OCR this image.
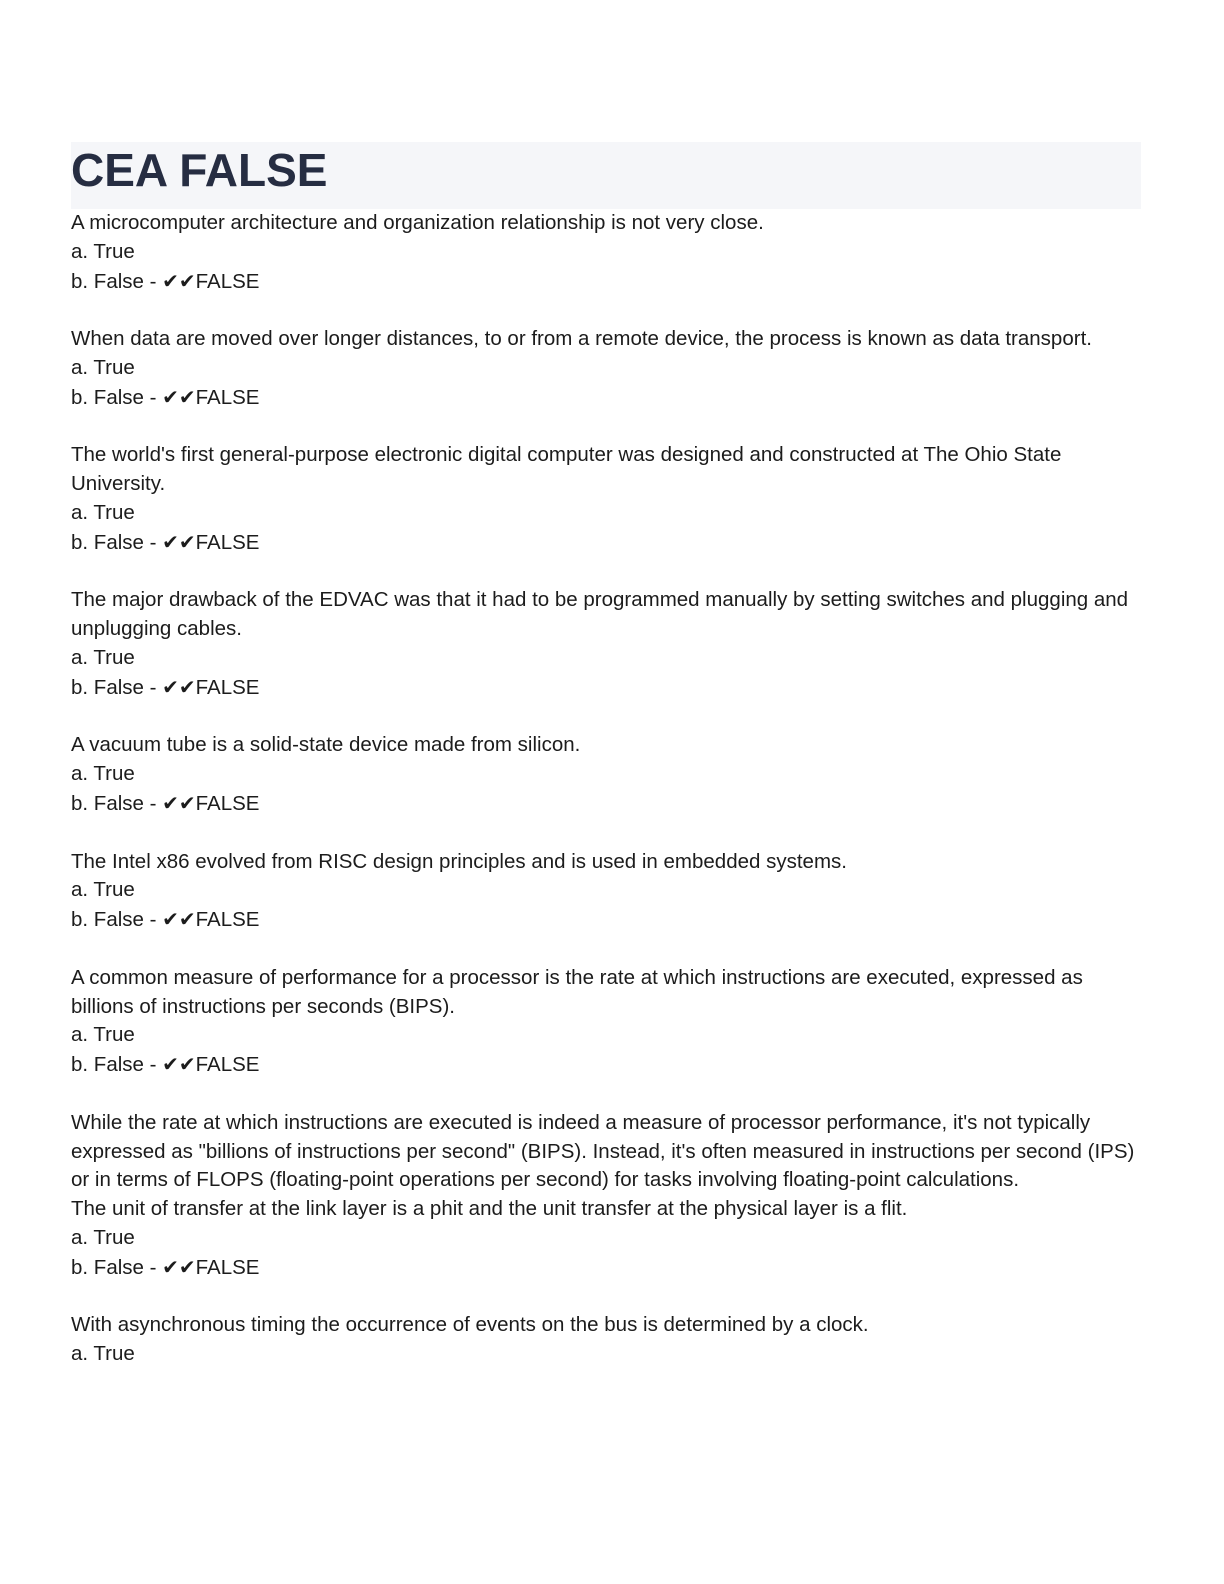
CEA FALSE
A microcomputer architecture and organization relationship is not very close.
a. True
b. False - ✔✔FALSE
When data are moved over longer distances, to or from a remote device, the process is known as data transport.
a. True
b. False - ✔✔FALSE
The world's first general-purpose electronic digital computer was designed and constructed at The Ohio State University.
a. True
b. False - ✔✔FALSE
The major drawback of the EDVAC was that it had to be programmed manually by setting switches and plugging and unplugging cables.
a. True
b. False - ✔✔FALSE
A vacuum tube is a solid-state device made from silicon.
a. True
b. False - ✔✔FALSE
The Intel x86 evolved from RISC design principles and is used in embedded systems.
a. True
b. False - ✔✔FALSE
A common measure of performance for a processor is the rate at which instructions are executed, expressed as billions of instructions per seconds (BIPS).
a. True
b. False - ✔✔FALSE
While the rate at which instructions are executed is indeed a measure of processor performance, it's not typically expressed as "billions of instructions per second" (BIPS). Instead, it's often measured in instructions per second (IPS) or in terms of FLOPS (floating-point operations per second) for tasks involving floating-point calculations.
The unit of transfer at the link layer is a phit and the unit transfer at the physical layer is a flit.
a. True
b. False - ✔✔FALSE
With asynchronous timing the occurrence of events on the bus is determined by a clock.
a. True
